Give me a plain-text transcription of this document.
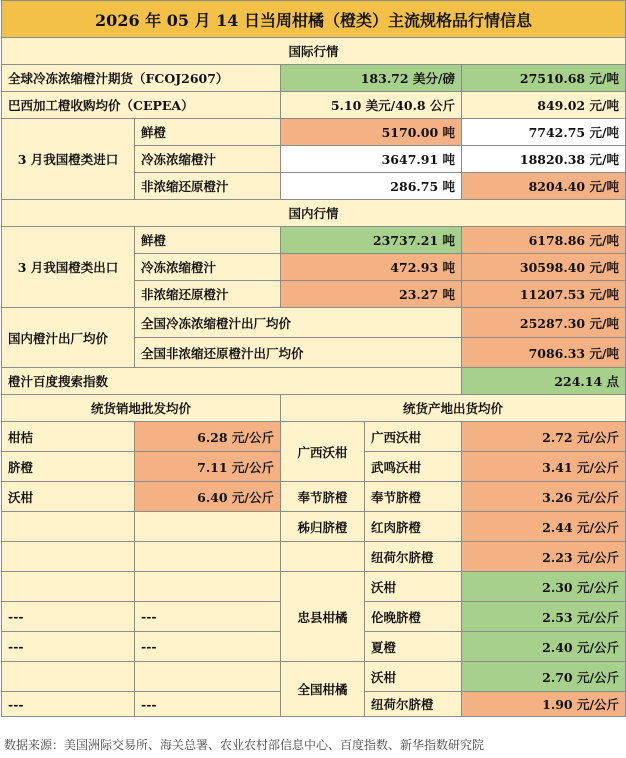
2026 年 05 月 14 日当周柑橘（橙类）主流规格品行情信息				
国际行情				
全球冷冻浓缩橙汁期货（FCOJ2607）		183.72 美分/磅		27510.68 元/吨
巴西加工橙收购均价（CEPEA）		5.10 美元/40.8 公斤		849.02 元/吨
3 月我国橙类进口	鲜橙	5170.00 吨		7742.75 元/吨
	冷冻浓缩橙汁	3647.91 吨		18820.38 元/吨
	非浓缩还原橙汁	286.75 吨		8204.40 元/吨
国内行情				
3 月我国橙类出口	鲜橙	23737.21 吨		6178.86 元/吨
	冷冻浓缩橙汁	472.93 吨		30598.40 元/吨
	非浓缩还原橙汁	23.27 吨		11207.53 元/吨
国内橙汁出厂均价	全国冷冻浓缩橙汁出厂均价			25287.30 元/吨
	全国非浓缩还原橙汁出厂均价			7086.33 元/吨
橙汁百度搜索指数				224.14 点
统货销地批发均价		统货产地出货均价		
柑桔	6.28 元/公斤	广西沃柑	广西沃柑	2.72 元/公斤
脐橙	7.11 元/公斤		武鸣沃柑	3.41 元/公斤
沃柑	6.40 元/公斤	奉节脐橙	奉节脐橙	3.26 元/公斤
		秭归脐橙	红肉脐橙	2.44 元/公斤
			纽荷尔脐橙	2.23 元/公斤
		忠县柑橘	沃柑	2.30 元/公斤
---	---		伦晚脐橙	2.53 元/公斤
---	---		夏橙	2.40 元/公斤
		全国柑橘	沃柑	2.70 元/公斤
---	---		纽荷尔脐橙	1.90 元/公斤
数据来源：美国洲际交易所、海关总署、农业农村部信息中心、百度指数、新华指数研究院
